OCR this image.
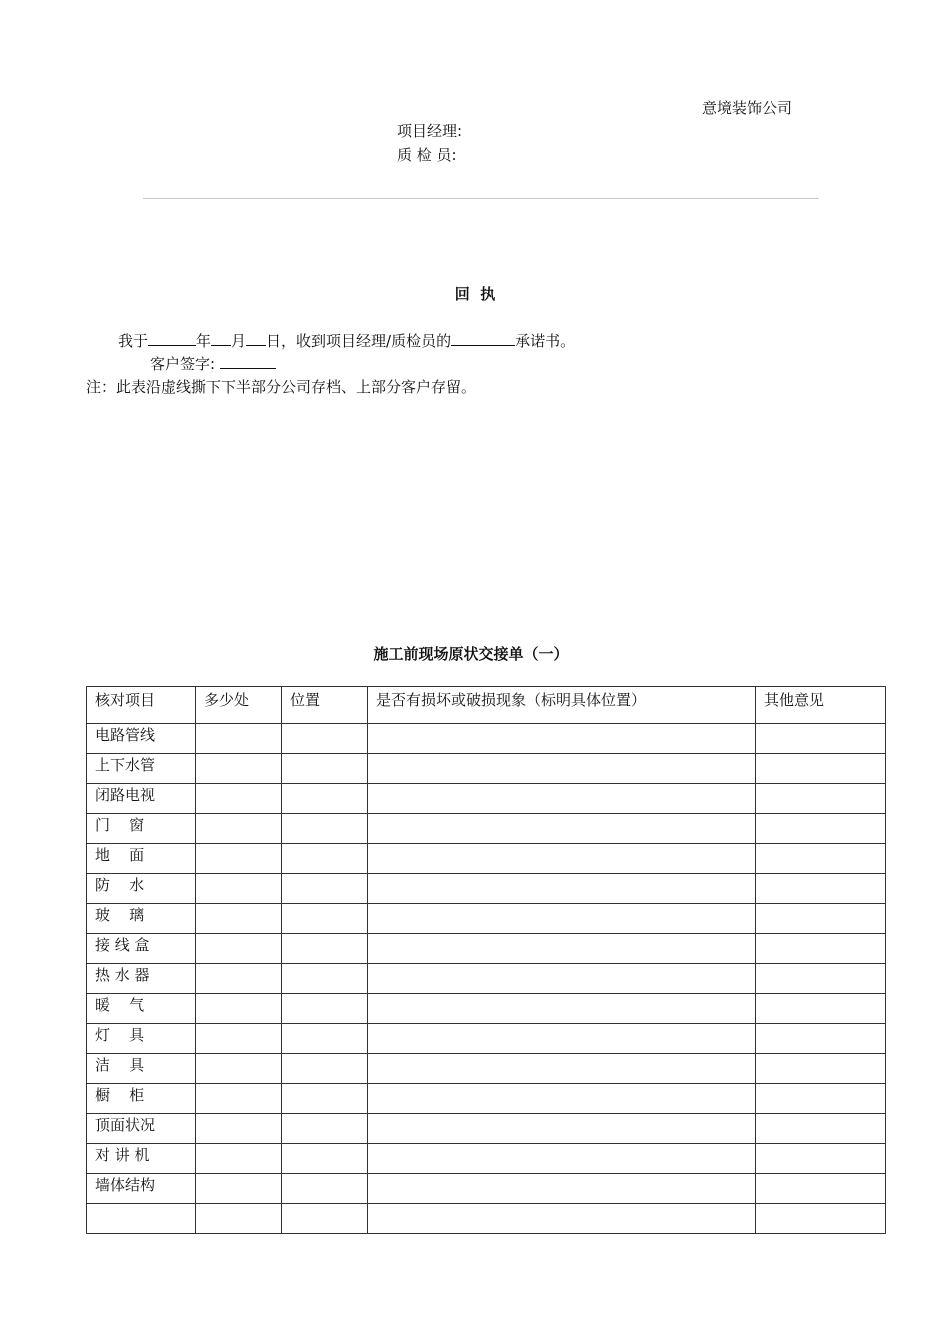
意境装饰公司
项目经理:
质 检 员:
回  执
我于	年 月 日，收到项目经理/质检员的	承诺书。
客户签字:
注：此表沿虚线撕下下半部分公司存档、上部分客户存留。
施工前现场原状交接单（一）
核对项目	多少处	位置	是否有损坏或破损现象（标明具体位置）	其他意见

电路管线				

上下水管				

闭路电视				

门    窗				

地    面				

防    水				

玻    璃				

接 线 盒				

热 水 器				

暖    气				

灯    具				

洁    具				

橱    柜				

顶面状况				

对 讲 机				

墙体结构				
